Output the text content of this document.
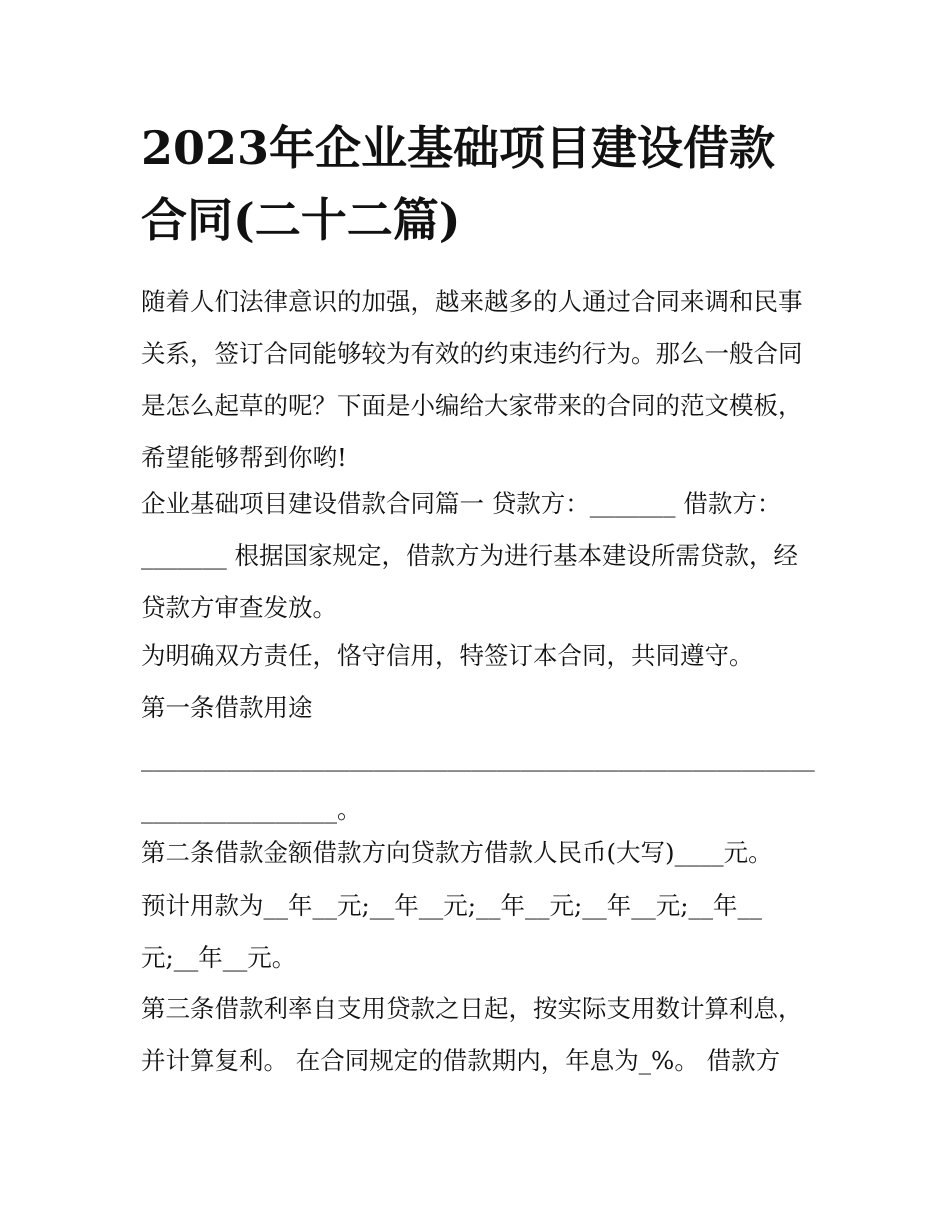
2023年企业基础项目建设借款
合同(二十二篇)
随着人们法律意识的加强，越来越多的人通过合同来调和民事
关系，签订合同能够较为有效的约束违约行为。那么一般合同
是怎么起草的呢？下面是小编给大家带来的合同的范文模板，
希望能够帮到你哟!
企业基础项目建设借款合同篇一 贷款方：_______ 借款方：
_______ 根据国家规定，借款方为进行基本建设所需贷款，经
贷款方审查发放。
为明确双方责任，恪守信用，特签订本合同，共同遵守。
第一条借款用途
_______________________________________________________
________________。
第二条借款金额借款方向贷款方借款人民币(大写)____元。
预计用款为__年__元;__年__元;__年__元;__年__元;__年__
元;__年__元。
第三条借款利率自支用贷款之日起，按实际支用数计算利息，
并计算复利。 在合同规定的借款期内，年息为_%。 借款方
